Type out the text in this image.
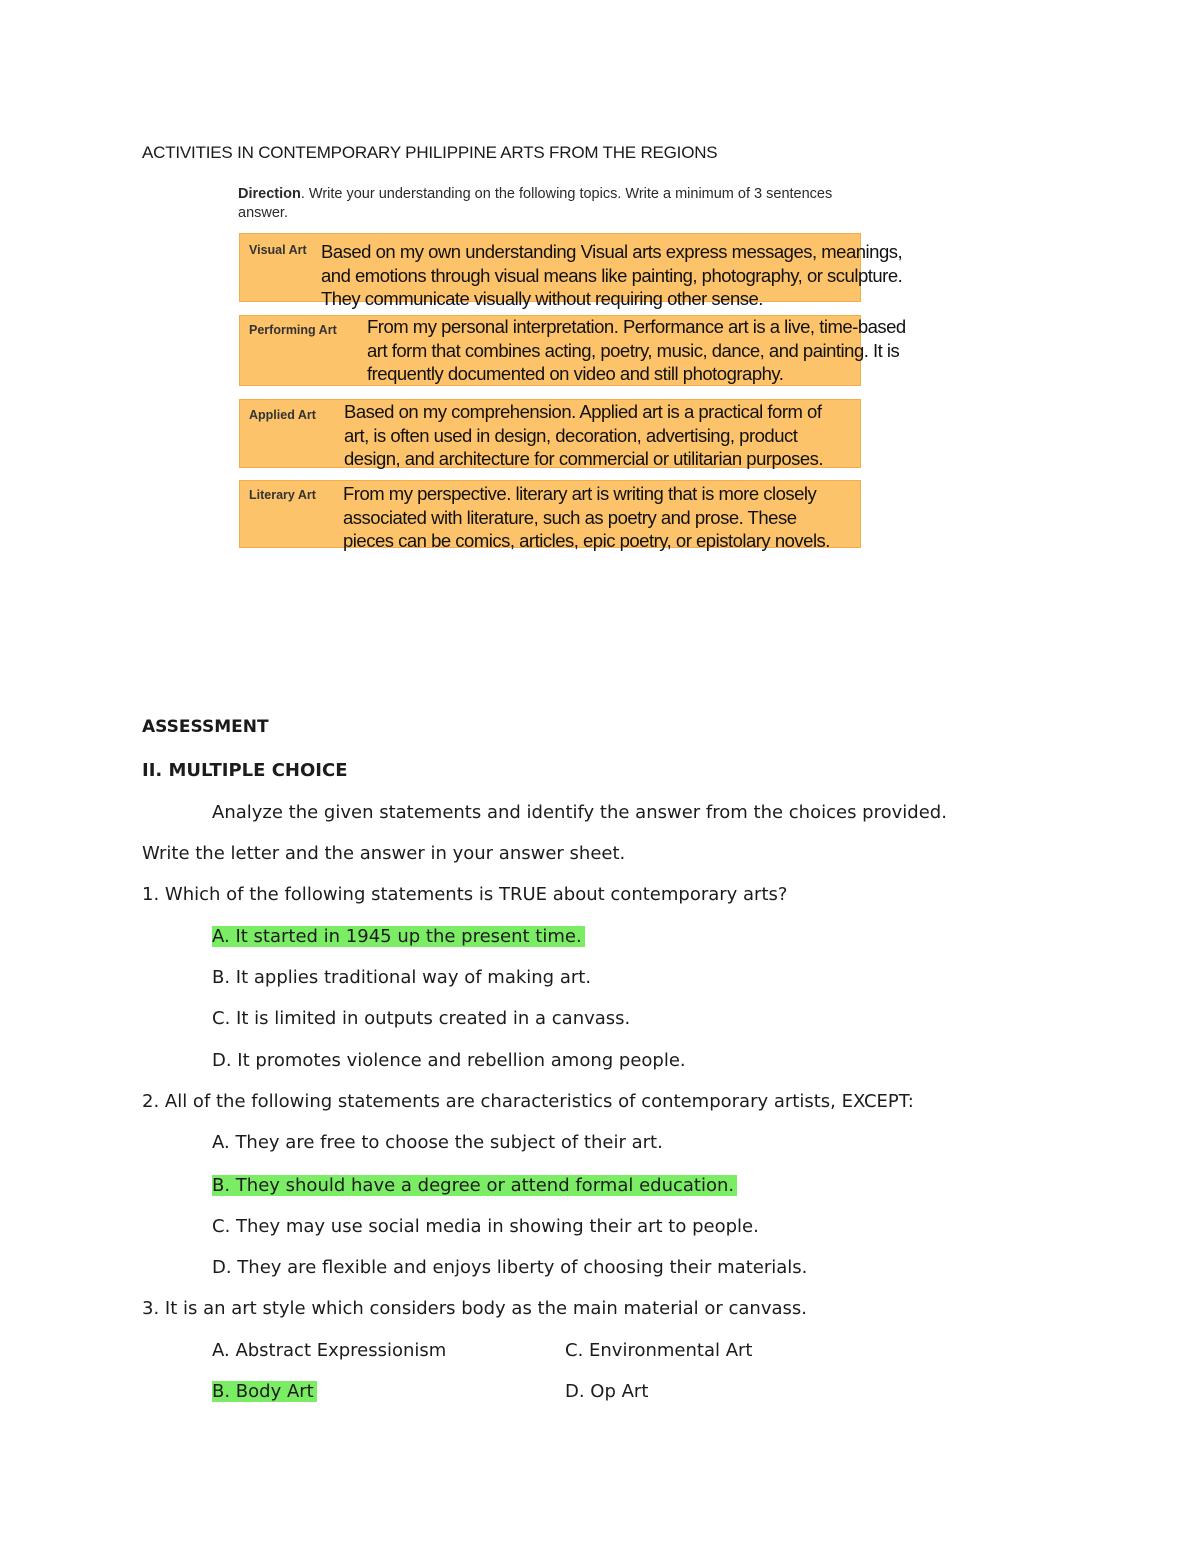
ACTIVITIES IN CONTEMPORARY PHILIPPINE ARTS FROM THE REGIONS
Direction. Write your understanding on the following topics. Write a minimum of 3 sentences answer.
Visual Art Based on my own understanding Visual arts express messages, meanings,
and emotions through visual means like painting, photography, or sculpture.
They communicate visually without requiring other sense.
Performing Art From my personal interpretation. Performance art is a live, time-based
art form that combines acting, poetry, music, dance, and painting. It is
frequently documented on video and still photography.
Applied Art Based on my comprehension. Applied art is a practical form of
art, is often used in design, decoration, advertising, product
design, and architecture for commercial or utilitarian purposes.
Literary Art From my perspective. literary art is writing that is more closely
associated with literature, such as poetry and prose. These
pieces can be comics, articles, epic poetry, or epistolary novels.
ASSESSMENT
II. MULTIPLE CHOICE
Analyze the given statements and identify the answer from the choices provided.
Write the letter and the answer in your answer sheet.
1. Which of the following statements is TRUE about contemporary arts?
A. It started in 1945 up the present time.
B. It applies traditional way of making art.
C. It is limited in outputs created in a canvass.
D. It promotes violence and rebellion among people.
2. All of the following statements are characteristics of contemporary artists, EXCEPT:
A. They are free to choose the subject of their art.
B. They should have a degree or attend formal education.
C. They may use social media in showing their art to people.
D. They are flexible and enjoys liberty of choosing their materials.
3. It is an art style which considers body as the main material or canvass.
A. Abstract Expressionism	C. Environmental Art
B. Body Art	D. Op Art
